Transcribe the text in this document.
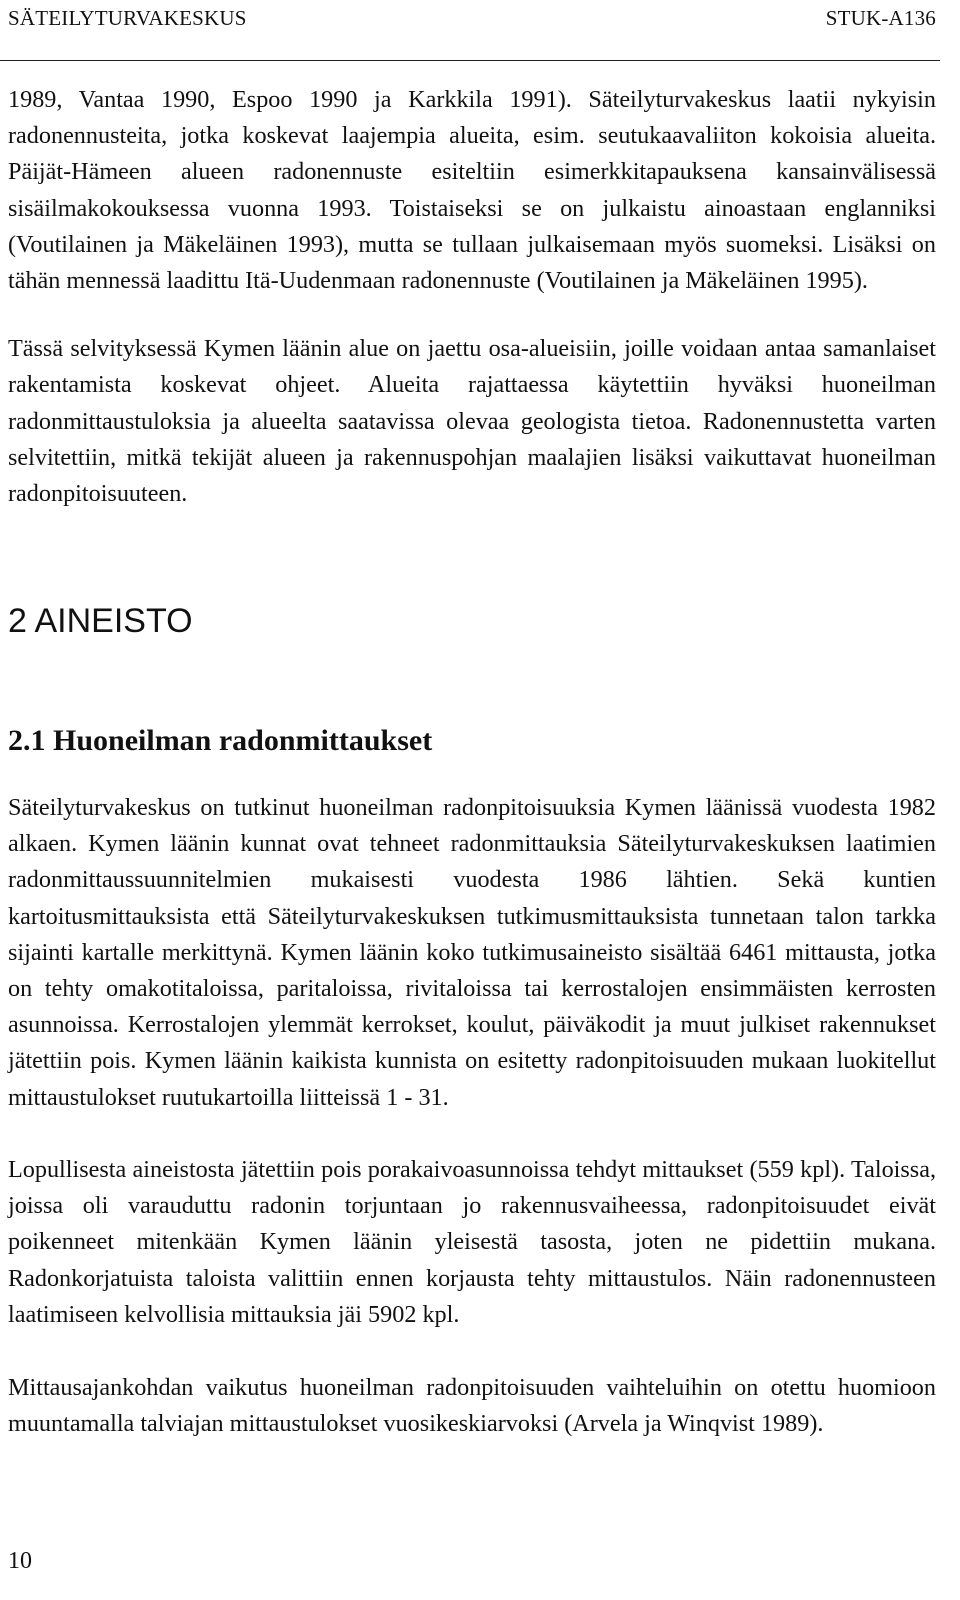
SÄTEILYTURVAKESKUS	STUK-A136

1989, Vantaa 1990, Espoo 1990 ja Karkkila 1991). Säteilyturvakeskus laatii nykyisin radonennusteita, jotka koskevat laajempia alueita, esim. seutukaavaliiton kokoisia alueita. Päijät-Hämeen alueen radonennuste esiteltiin esimerkkitapauksena kansainvälisessä sisäilmakokouksessa vuonna 1993. Toistaiseksi se on julkaistu ainoastaan englanniksi (Voutilainen ja Mäkeläinen 1993), mutta se tullaan julkaisemaan myös suomeksi. Lisäksi on tähän mennessä laadittu Itä-Uudenmaan radonennuste (Voutilainen ja Mäkeläinen 1995).

Tässä selvityksessä Kymen läänin alue on jaettu osa-alueisiin, joille voidaan antaa samanlaiset rakentamista koskevat ohjeet. Alueita rajattaessa käytettiin hyväksi huoneilman radonmittaustuloksia ja alueelta saatavissa olevaa geologista tietoa. Radonennustetta varten selvitettiin, mitkä tekijät alueen ja rakennuspohjan maalajien lisäksi vaikuttavat huoneilman radonpitoisuuteen.

2 AINEISTO
2.1 Huoneilman radonmittaukset

Säteilyturvakeskus on tutkinut huoneilman radonpitoisuuksia Kymen läänissä vuodesta 1982 alkaen. Kymen läänin kunnat ovat tehneet radonmittauksia Säteilyturvakeskuksen laatimien radonmittaussuunnitelmien mukaisesti vuodesta 1986 lähtien. Sekä kuntien kartoitusmittauksista että Säteilyturvakeskuksen tutkimusmittauksista tunnetaan talon tarkka sijainti kartalle merkittynä. Kymen läänin koko tutkimusaineisto sisältää 6461 mittausta, jotka on tehty omakotitaloissa, paritaloissa, rivitaloissa tai kerrostalojen ensimmäisten kerrosten asunnoissa. Kerrostalojen ylemmät kerrokset, koulut, päiväkodit ja muut julkiset rakennukset jätettiin pois. Kymen läänin kaikista kunnista on esitetty radonpitoisuuden mukaan luokitellut mittaustulokset ruutukartoilla liitteissä 1 - 31.

Lopullisesta aineistosta jätettiin pois porakaivoasunnoissa tehdyt mittaukset (559 kpl). Taloissa, joissa oli varauduttu radonin torjuntaan jo rakennusvaiheessa, radonpitoisuudet eivät poikenneet mitenkään Kymen läänin yleisestä tasosta, joten ne pidettiin mukana. Radonkorjatuista taloista valittiin ennen korjausta tehty mittaustulos. Näin radonennusteen laatimiseen kelvollisia mittauksia jäi 5902 kpl.

Mittausajankohdan vaikutus huoneilman radonpitoisuuden vaihteluihin on otettu huomioon muuntamalla talviajan mittaustulokset vuosikeskiarvoksi (Arvela ja Winqvist 1989).

10
